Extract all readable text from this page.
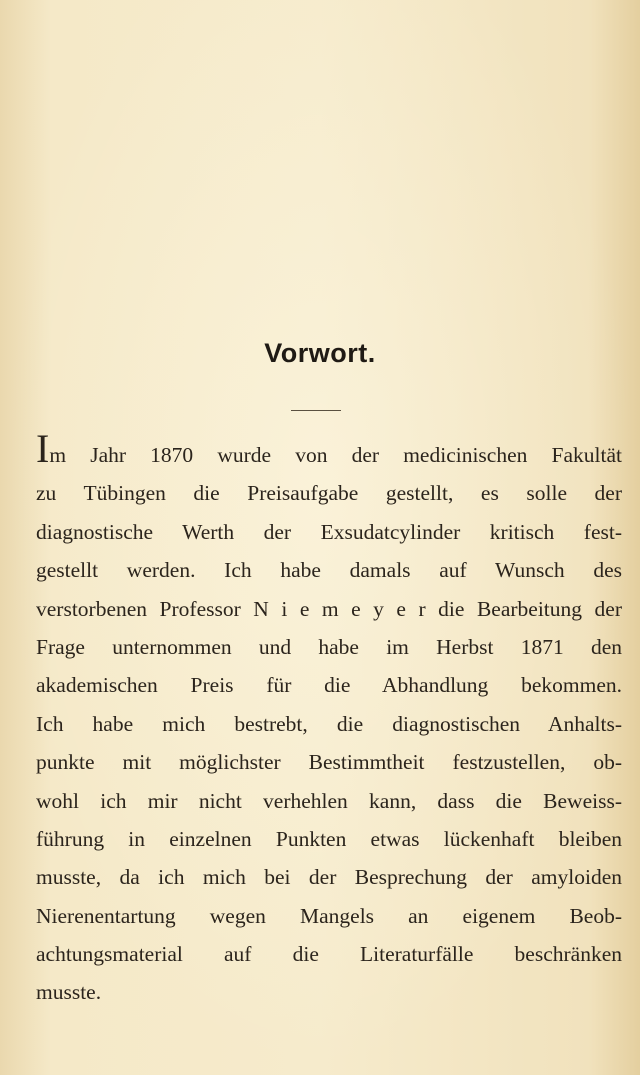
Vorwort.
Im Jahr 1870 wurde von der medicinischen Fakultät
zu Tübingen die Preisaufgabe gestellt, es solle der
diagnostische Werth der Exsudatcylinder kritisch fest-
gestellt werden. Ich habe damals auf Wunsch des
verstorbenen Professor N i e m e y e r die Bearbeitung der
Frage unternommen und habe im Herbst 1871 den
akademischen Preis für die Abhandlung bekommen.
Ich habe mich bestrebt, die diagnostischen Anhalts-
punkte mit möglichster Bestimmtheit festzustellen, ob-
wohl ich mir nicht verhehlen kann, dass die Beweiss-
führung in einzelnen Punkten etwas lückenhaft bleiben
musste, da ich mich bei der Besprechung der amyloiden
Nierenentartung wegen Mangels an eigenem Beob-
achtungsmaterial auf die Literaturfälle beschränken
musste.
